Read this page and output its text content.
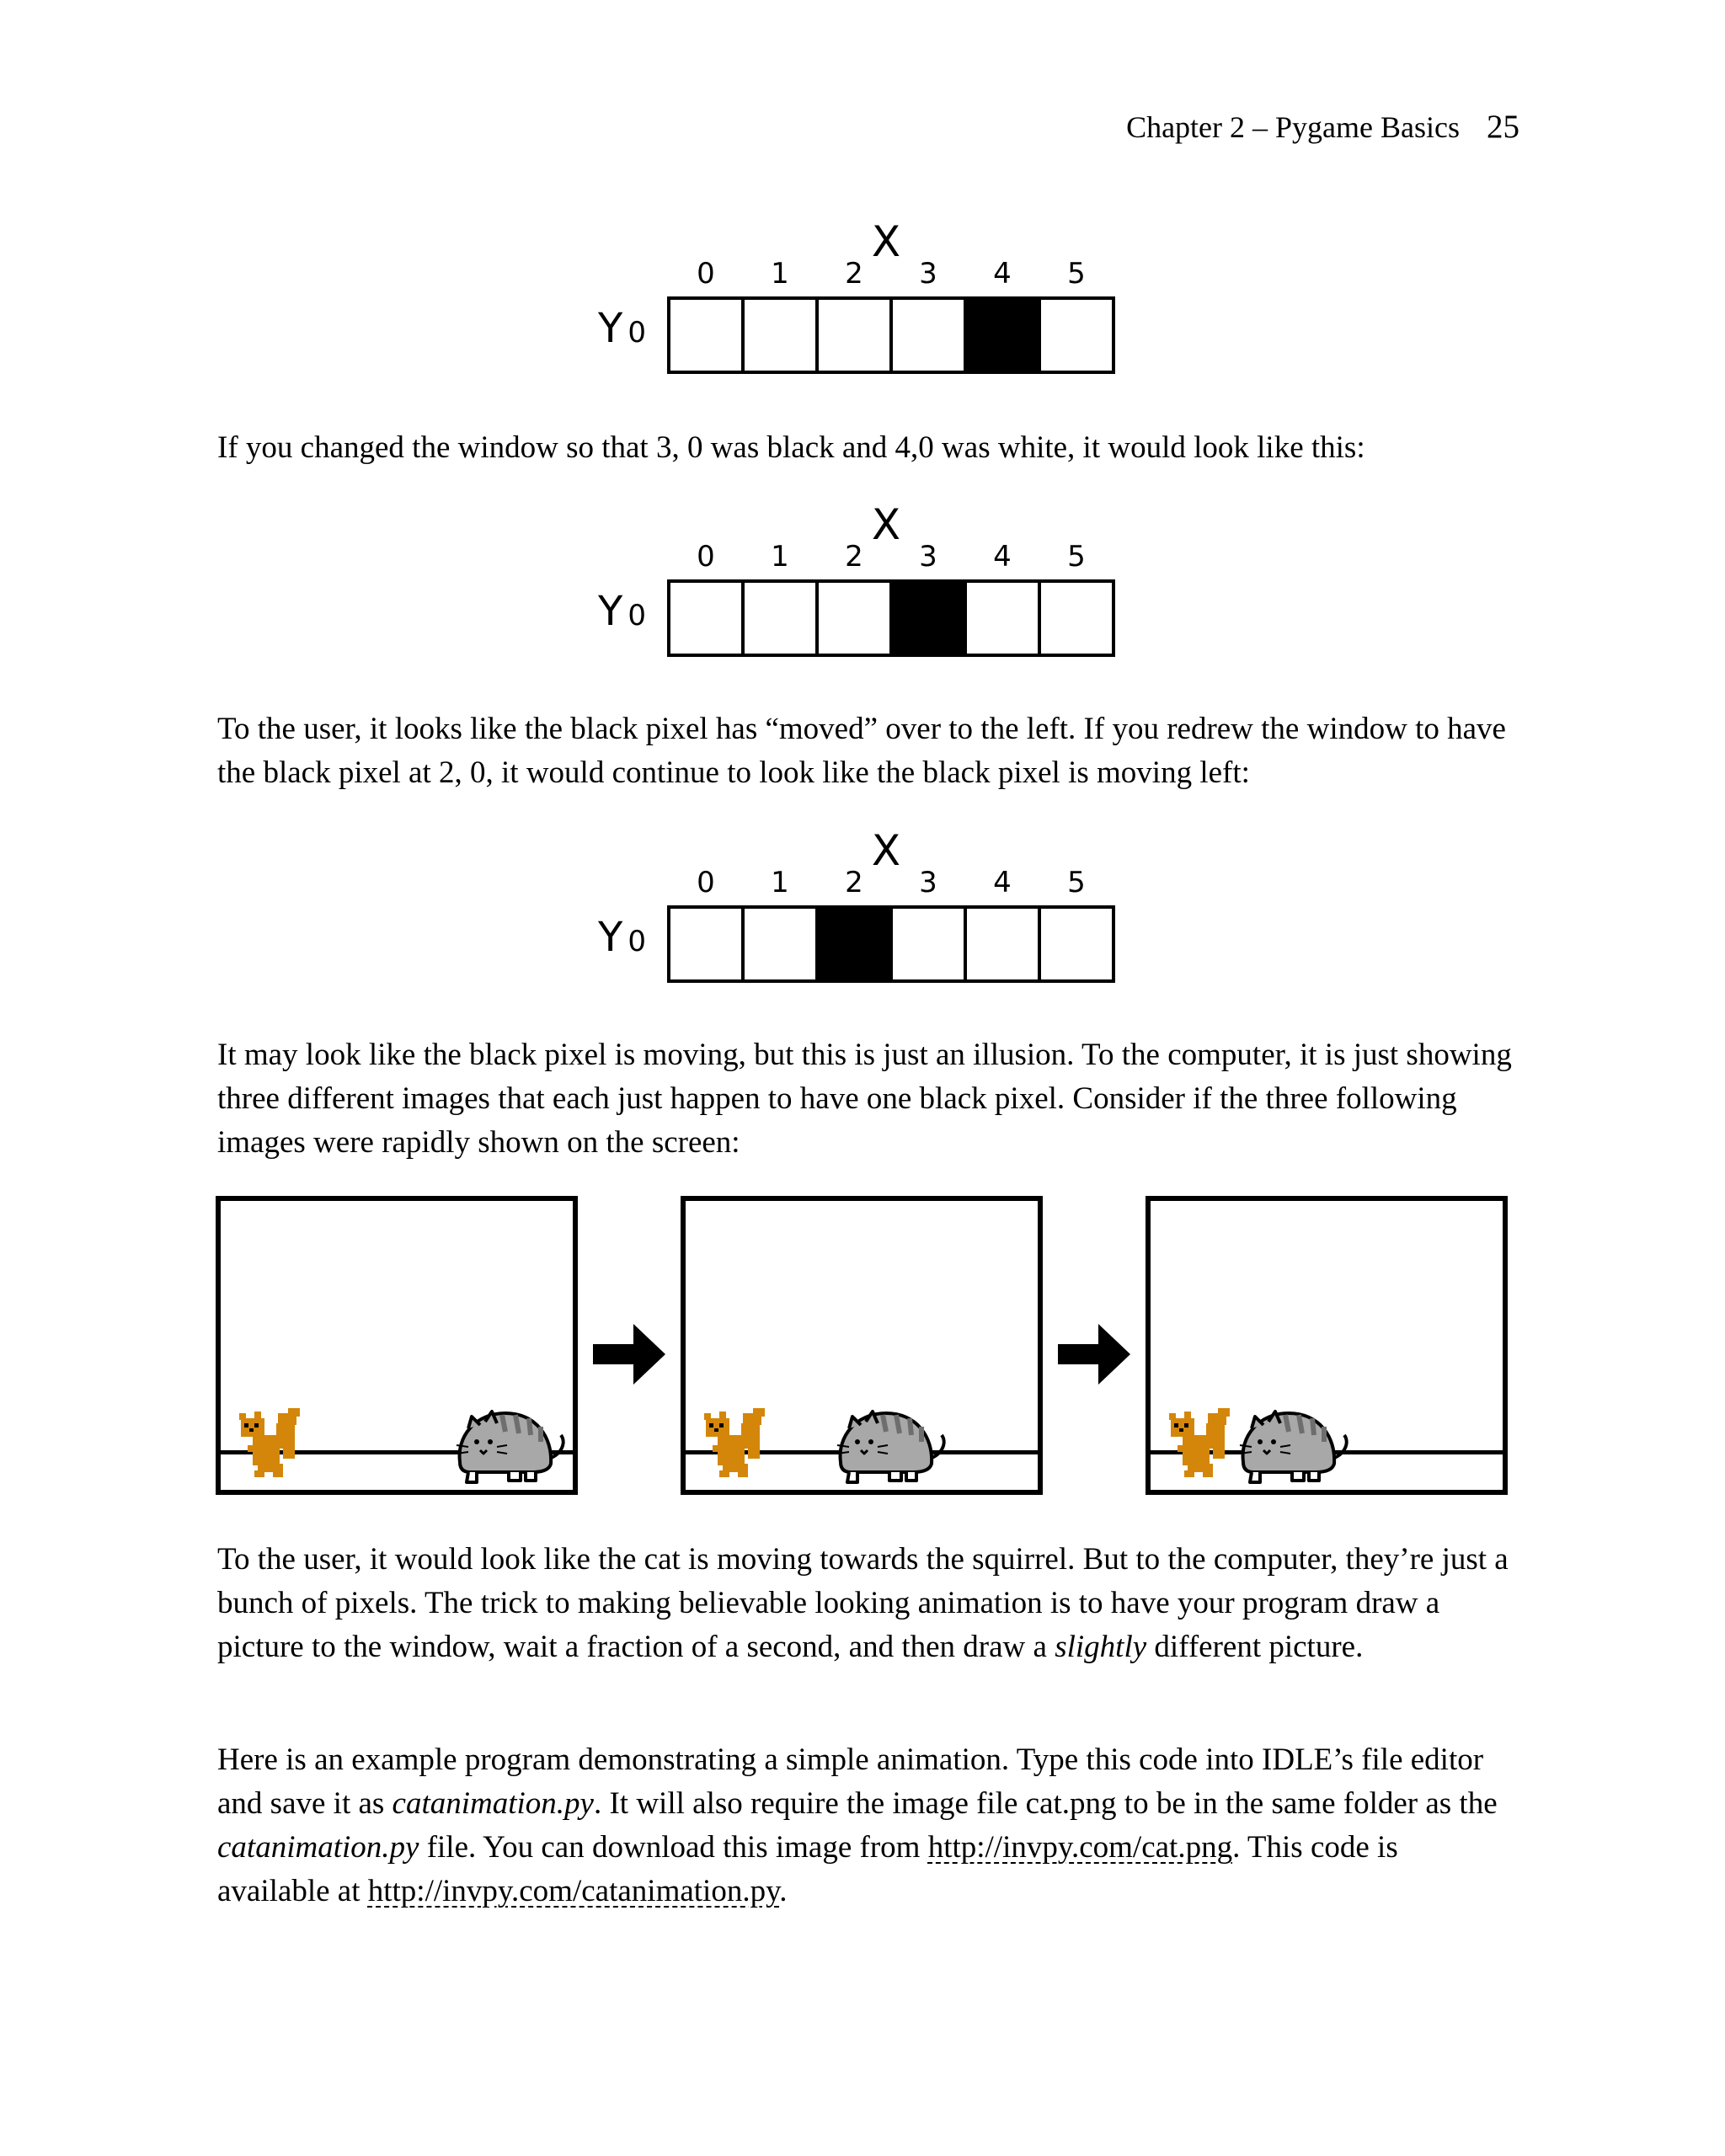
Chapter 2 – Pygame Basics 25
X
Y 0
0	1	2	3	4	5

If you changed the window so that 3, 0 was black and 4,0 was white, it would look like this:

X
Y 0
0	1	2	3	4	5

To the user, it looks like the black pixel has “moved” over to the left. If you redrew the window to have the black pixel at 2, 0, it would continue to look like the black pixel is moving left:

X
Y 0
0	1	2	3	4	5

It may look like the black pixel is moving, but this is just an illusion. To the computer, it is just showing three different images that each just happen to have one black pixel. Consider if the three following images were rapidly shown on the screen:

To the user, it would look like the cat is moving towards the squirrel. But to the computer, they’re just a bunch of pixels. The trick to making believable looking animation is to have your program draw a picture to the window, wait a fraction of a second, and then draw a slightly different picture.

Here is an example program demonstrating a simple animation. Type this code into IDLE’s file editor and save it as catanimation.py. It will also require the image file cat.png to be in the same folder as the catanimation.py file. You can download this image from http://invpy.com/cat.png. This code is available at http://invpy.com/catanimation.py.
